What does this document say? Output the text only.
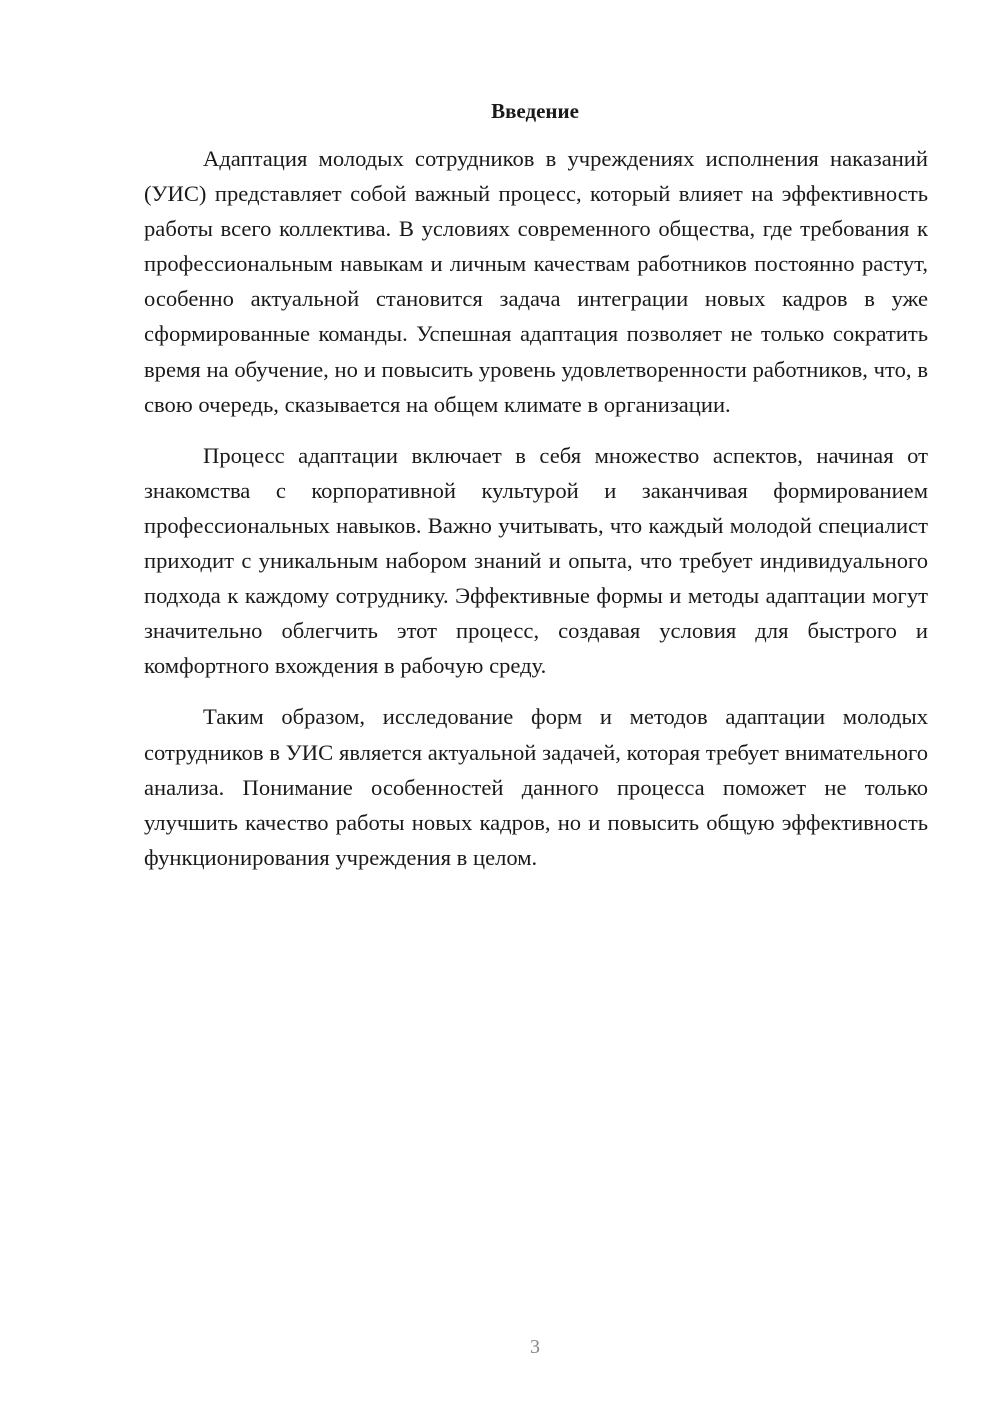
Введение

Адаптация молодых сотрудников в учреждениях исполнения наказаний (УИС) представляет собой важный процесс, который влияет на эффективность работы всего коллектива. В условиях современного общества, где требования к профессиональным навыкам и личным качествам работников постоянно растут, особенно актуальной становится задача интеграции новых кадров в уже сформированные команды. Успешная адаптация позволяет не только сократить время на обучение, но и повысить уровень удовлетворенности работников, что, в свою очередь, сказывается на общем климате в организации.

Процесс адаптации включает в себя множество аспектов, начиная от знакомства с корпоративной культурой и заканчивая формированием профессиональных навыков. Важно учитывать, что каждый молодой специалист приходит с уникальным набором знаний и опыта, что требует индивидуального подхода к каждому сотруднику. Эффективные формы и методы адаптации могут значительно облегчить этот процесс, создавая условия для быстрого и комфортного вхождения в рабочую среду.

Таким образом, исследование форм и методов адаптации молодых сотрудников в УИС является актуальной задачей, которая требует внимательного анализа. Понимание особенностей данного процесса поможет не только улучшить качество работы новых кадров, но и повысить общую эффективность функционирования учреждения в целом.

3
